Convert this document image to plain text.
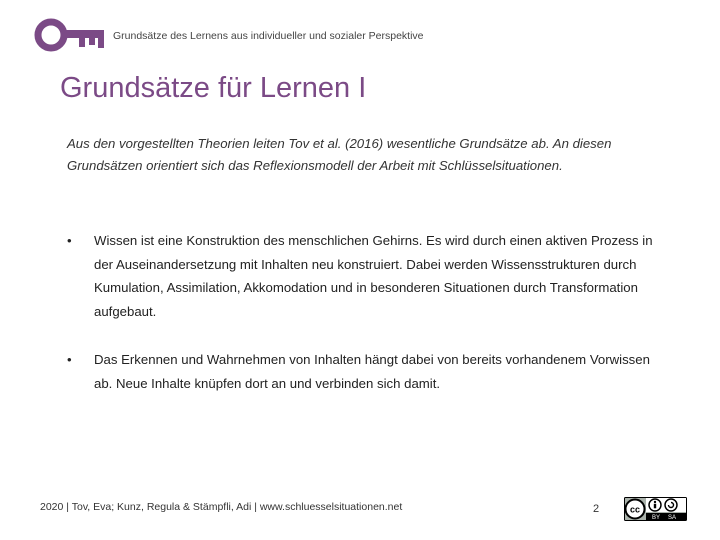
Grundsätze des Lernens aus individueller und sozialer Perspektive
Grundsätze für Lernen I

Aus den vorgestellten Theorien leiten Tov et al. (2016) wesentliche Grundsätze ab. An diesen Grundsätzen orientiert sich das Reflexionsmodell der Arbeit mit Schlüsselsituationen.

• Wissen ist eine Konstruktion des menschlichen Gehirns. Es wird durch einen aktiven Prozess in der Auseinandersetzung mit Inhalten neu konstruiert. Dabei werden Wissensstrukturen durch Kumulation, Assimilation, Akkomodation und in besonderen Situationen durch Transformation aufgebaut.
• Das Erkennen und Wahrnehmen von Inhalten hängt dabei von bereits vorhandenem Vorwissen ab. Neue Inhalte knüpfen dort an und verbinden sich damit.
2020 | Tov, Eva; Kunz, Regula & Stämpfli, Adi | www.schluesselsituationen.net	2	cc
BY SA
